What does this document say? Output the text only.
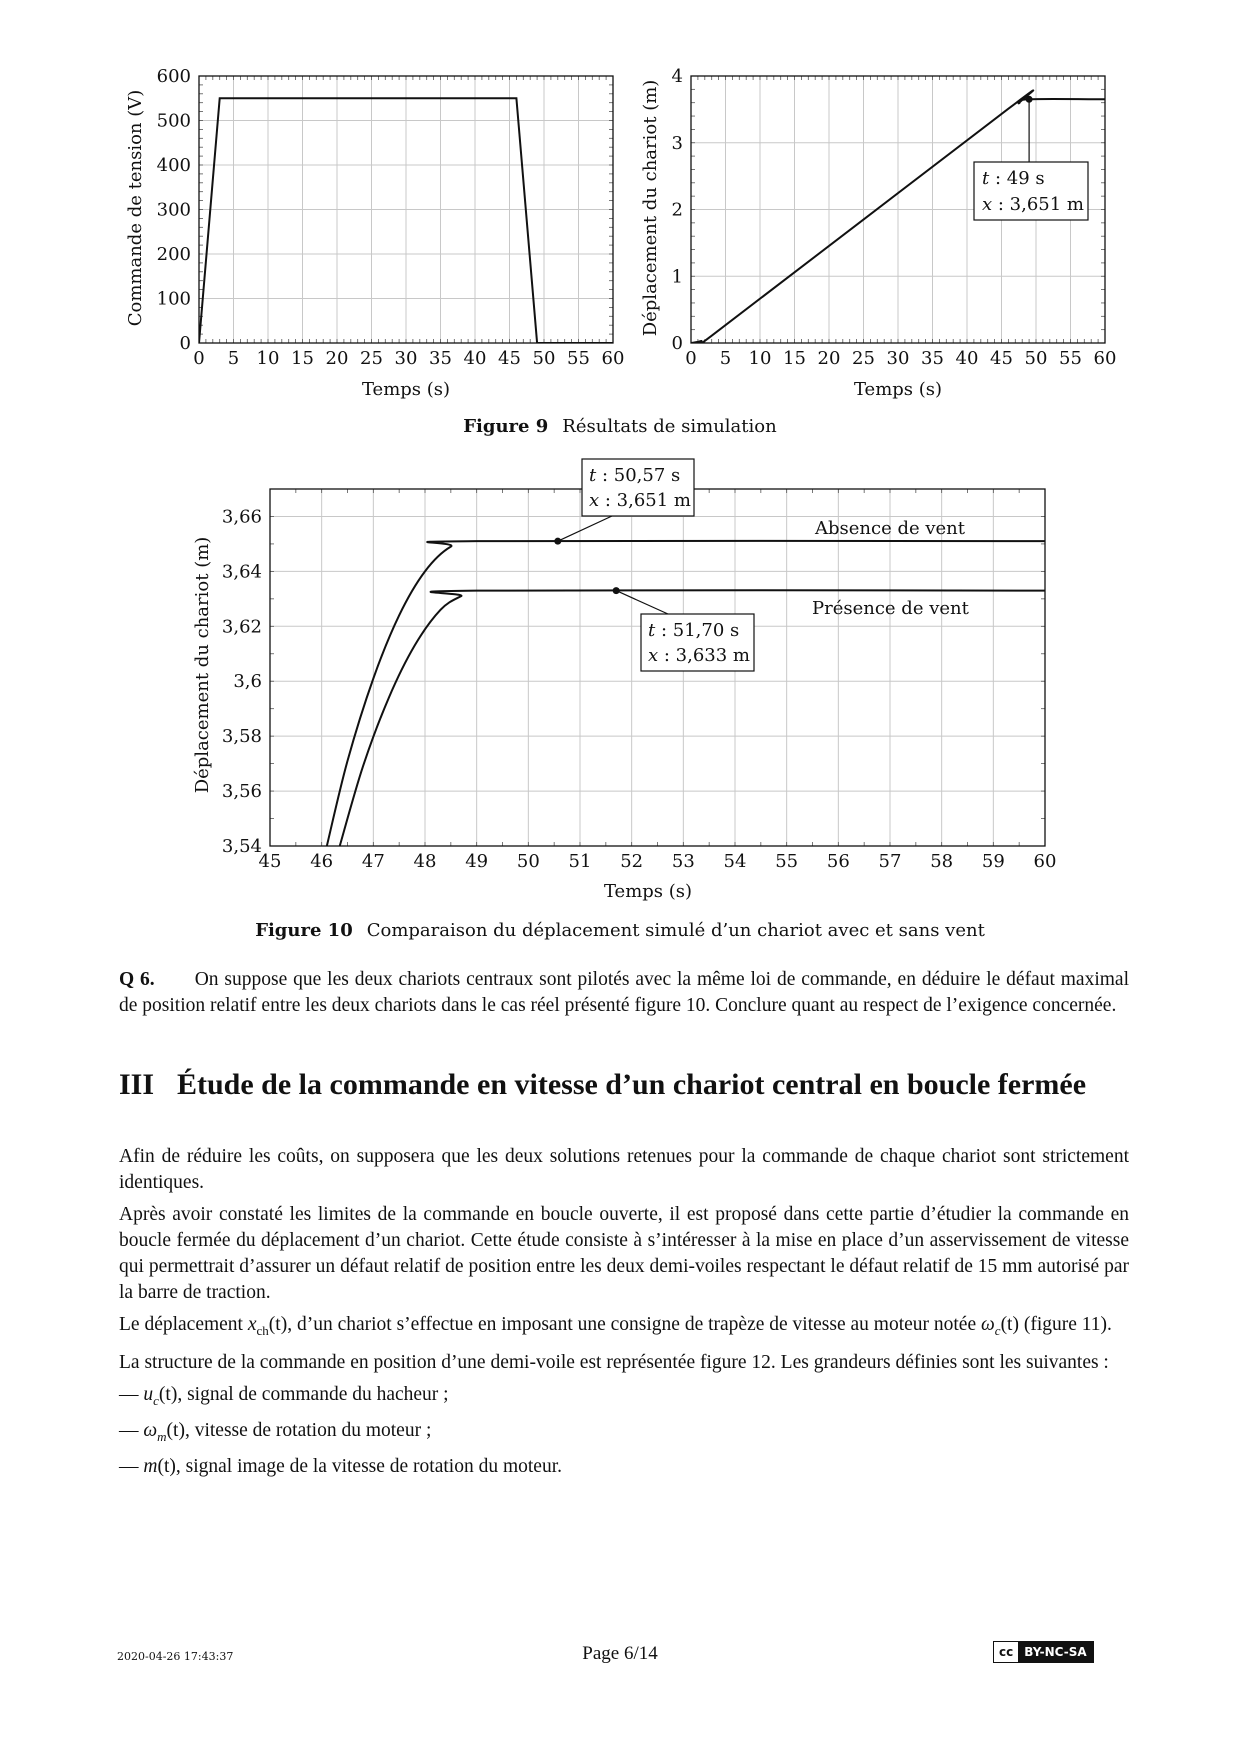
0 5 10 15 20 25 30 35 40 45 50 55 60
0
100
200
300
400
500
600
0 5 10 15 20 25 30 35 40 45 50 55 60
0
1
2
3
4
45 46 47 48 49 50 51 52 53 54 55 56 57 58 59 60
3,54
3,56
3,58
3,6
3,62
3,64
3,66
Commande de tension (V)
Temps (s)
Déplacement du chariot (m)
Temps (s)
Déplacement du chariot (m)
Temps (s)
t : 49 s
x : 3,651 m
t : 50,57 s
x : 3,651 m
t : 51,70 s
x : 3,633 m
Absence de vent
Présence de vent
Figure 9 Résultats de simulation
Figure 10 Comparaison du déplacement simulé d’un chariot avec et sans vent

Q 6. On suppose que les deux chariots centraux sont pilotés avec la même loi de commande, en déduire le défaut maximal de position relatif entre les deux chariots dans le cas réel présenté figure 10. Conclure quant au respect de l’exigence concernée.

III Étude de la commande en vitesse d’un chariot central en boucle fermée

Afin de réduire les coûts, on supposera que les deux solutions retenues pour la commande de chaque chariot sont strictement identiques.

Après avoir constaté les limites de la commande en boucle ouverte, il est proposé dans cette partie d’étudier la commande en boucle fermée du déplacement d’un chariot. Cette étude consiste à s’intéresser à la mise en place d’un asservissement de vitesse qui permettrait d’assurer un défaut relatif de position entre les deux demi-voiles respectant le défaut relatif de 15 mm autorisé par la barre de traction.

Le déplacement $x_{ch}(t)$, d’un chariot s’effectue en imposant une consigne de trapèze de vitesse au moteur notée $\omega_c(t)$ (figure 11).

La structure de la commande en position d’une demi-voile est représentée figure 12. Les grandeurs définies sont les suivantes :

— $u_c(t)$, signal de commande du hacheur ;
— $\omega_m(t)$, vitesse de rotation du moteur ;
— m(t), signal image de la vitesse de rotation du moteur.
2020-04-26 17:43:37	Page 6/14	cc BY-NC-SA
